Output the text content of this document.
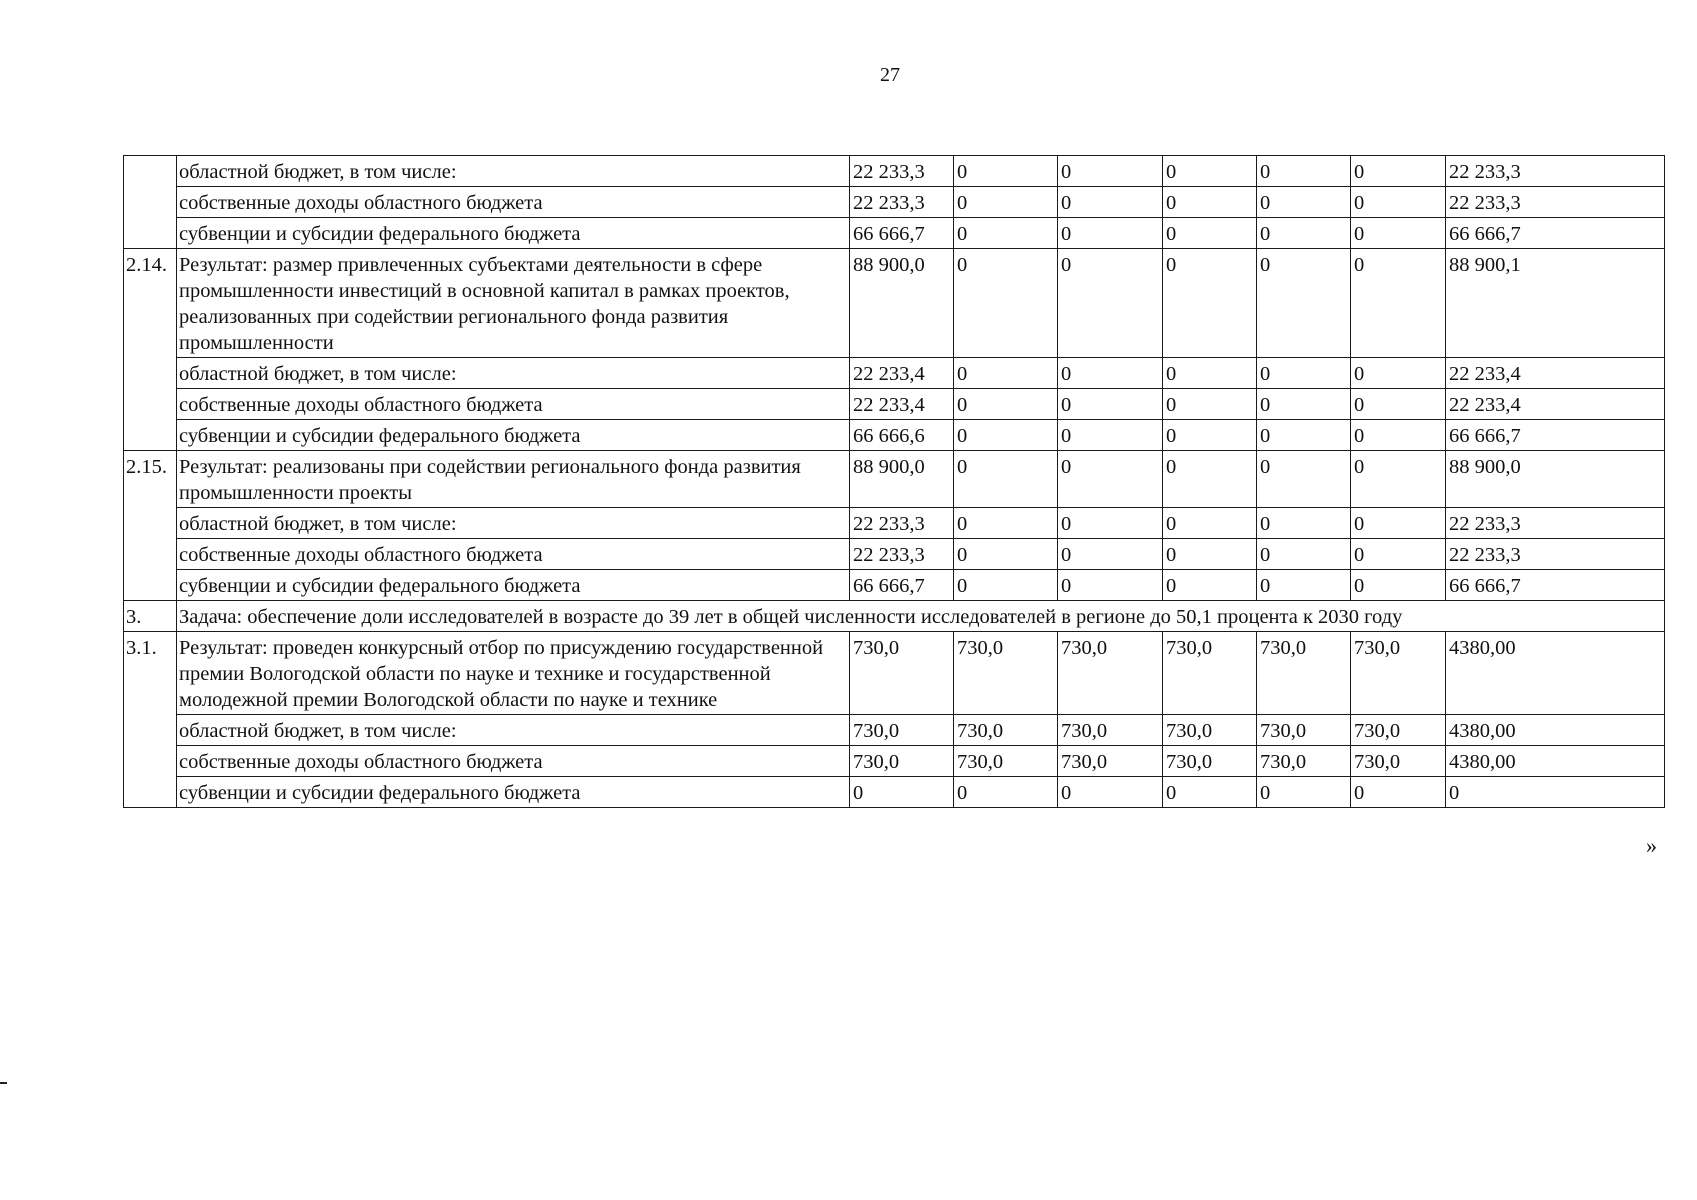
27
	областной бюджет, в том числе:	22 233,3	0	0	0	0	0	22 233,3
	собственные доходы областного бюджета	22 233,3	0	0	0	0	0	22 233,3
	субвенции и субсидии федерального бюджета	66 666,7	0	0	0	0	0	66 666,7
2.14.	Результат: размер привлеченных субъектами деятельности в сфере промышленности инвестиций в основной капитал в рамках проектов, реализованных при содействии регионального фонда развития промышленности	88 900,0	0	0	0	0	0	88 900,1
	областной бюджет, в том числе:	22 233,4	0	0	0	0	0	22 233,4
	собственные доходы областного бюджета	22 233,4	0	0	0	0	0	22 233,4
	субвенции и субсидии федерального бюджета	66 666,6	0	0	0	0	0	66 666,7
2.15.	Результат: реализованы при содействии регионального фонда развития промышленности проекты	88 900,0	0	0	0	0	0	88 900,0
	областной бюджет, в том числе:	22 233,3	0	0	0	0	0	22 233,3
	собственные доходы областного бюджета	22 233,3	0	0	0	0	0	22 233,3
	субвенции и субсидии федерального бюджета	66 666,7	0	0	0	0	0	66 666,7
3.	Задача: обеспечение доли исследователей в возрасте до 39 лет в общей численности исследователей в регионе до 50,1 процента к 2030 году							
3.1.	Результат: проведен конкурсный отбор по присуждению государственной премии Вологодской области по науке и технике и государственной молодежной премии Вологодской области по науке и технике	730,0	730,0	730,0	730,0	730,0	730,0	4380,00
	областной бюджет, в том числе:	730,0	730,0	730,0	730,0	730,0	730,0	4380,00
	собственные доходы областного бюджета	730,0	730,0	730,0	730,0	730,0	730,0	4380,00
	субвенции и субсидии федерального бюджета	0	0	0	0	0	0	0
»
